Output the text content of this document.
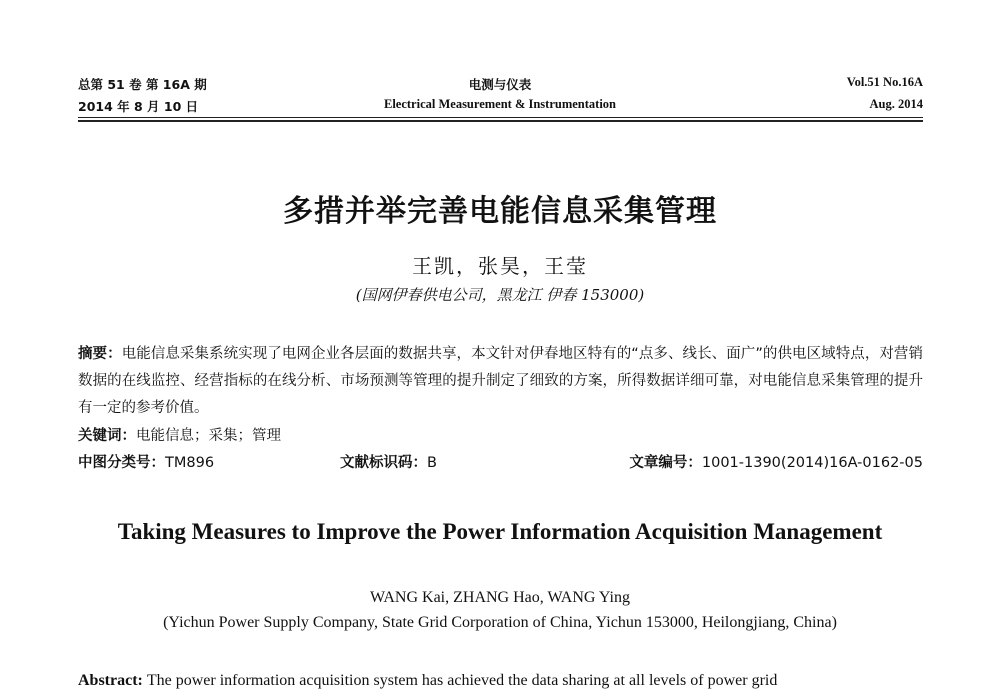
总第 51 卷 第 16A 期
2014 年 8 月 10 日
电测与仪表
Electrical Measurement & Instrumentation
Vol.51 No.16A
Aug. 2014
多措并举完善电能信息采集管理
王凯，张昊，王莹
(国网伊春供电公司，黑龙江 伊春 153000)
摘要：电能信息采集系统实现了电网企业各层面的数据共享，本文针对伊春地区特有的“点多、线长、面广”的供电区域特点，对营销数据的在线监控、经营指标的在线分析、市场预测等管理的提升制定了细致的方案，所得数据详细可靠，对电能信息采集管理的提升有一定的参考价值。
关键词：电能信息；采集；管理
中图分类号：TM896	文献标识码：B	文章编号：1001-1390(2014)16A-0162-05
Taking Measures to Improve the Power Information Acquisition Management
WANG Kai, ZHANG Hao, WANG Ying
(Yichun Power Supply Company, State Grid Corporation of China, Yichun 153000, Heilongjiang, China)
Abstract: The power information acquisition system has achieved the data sharing at all levels of power grid
